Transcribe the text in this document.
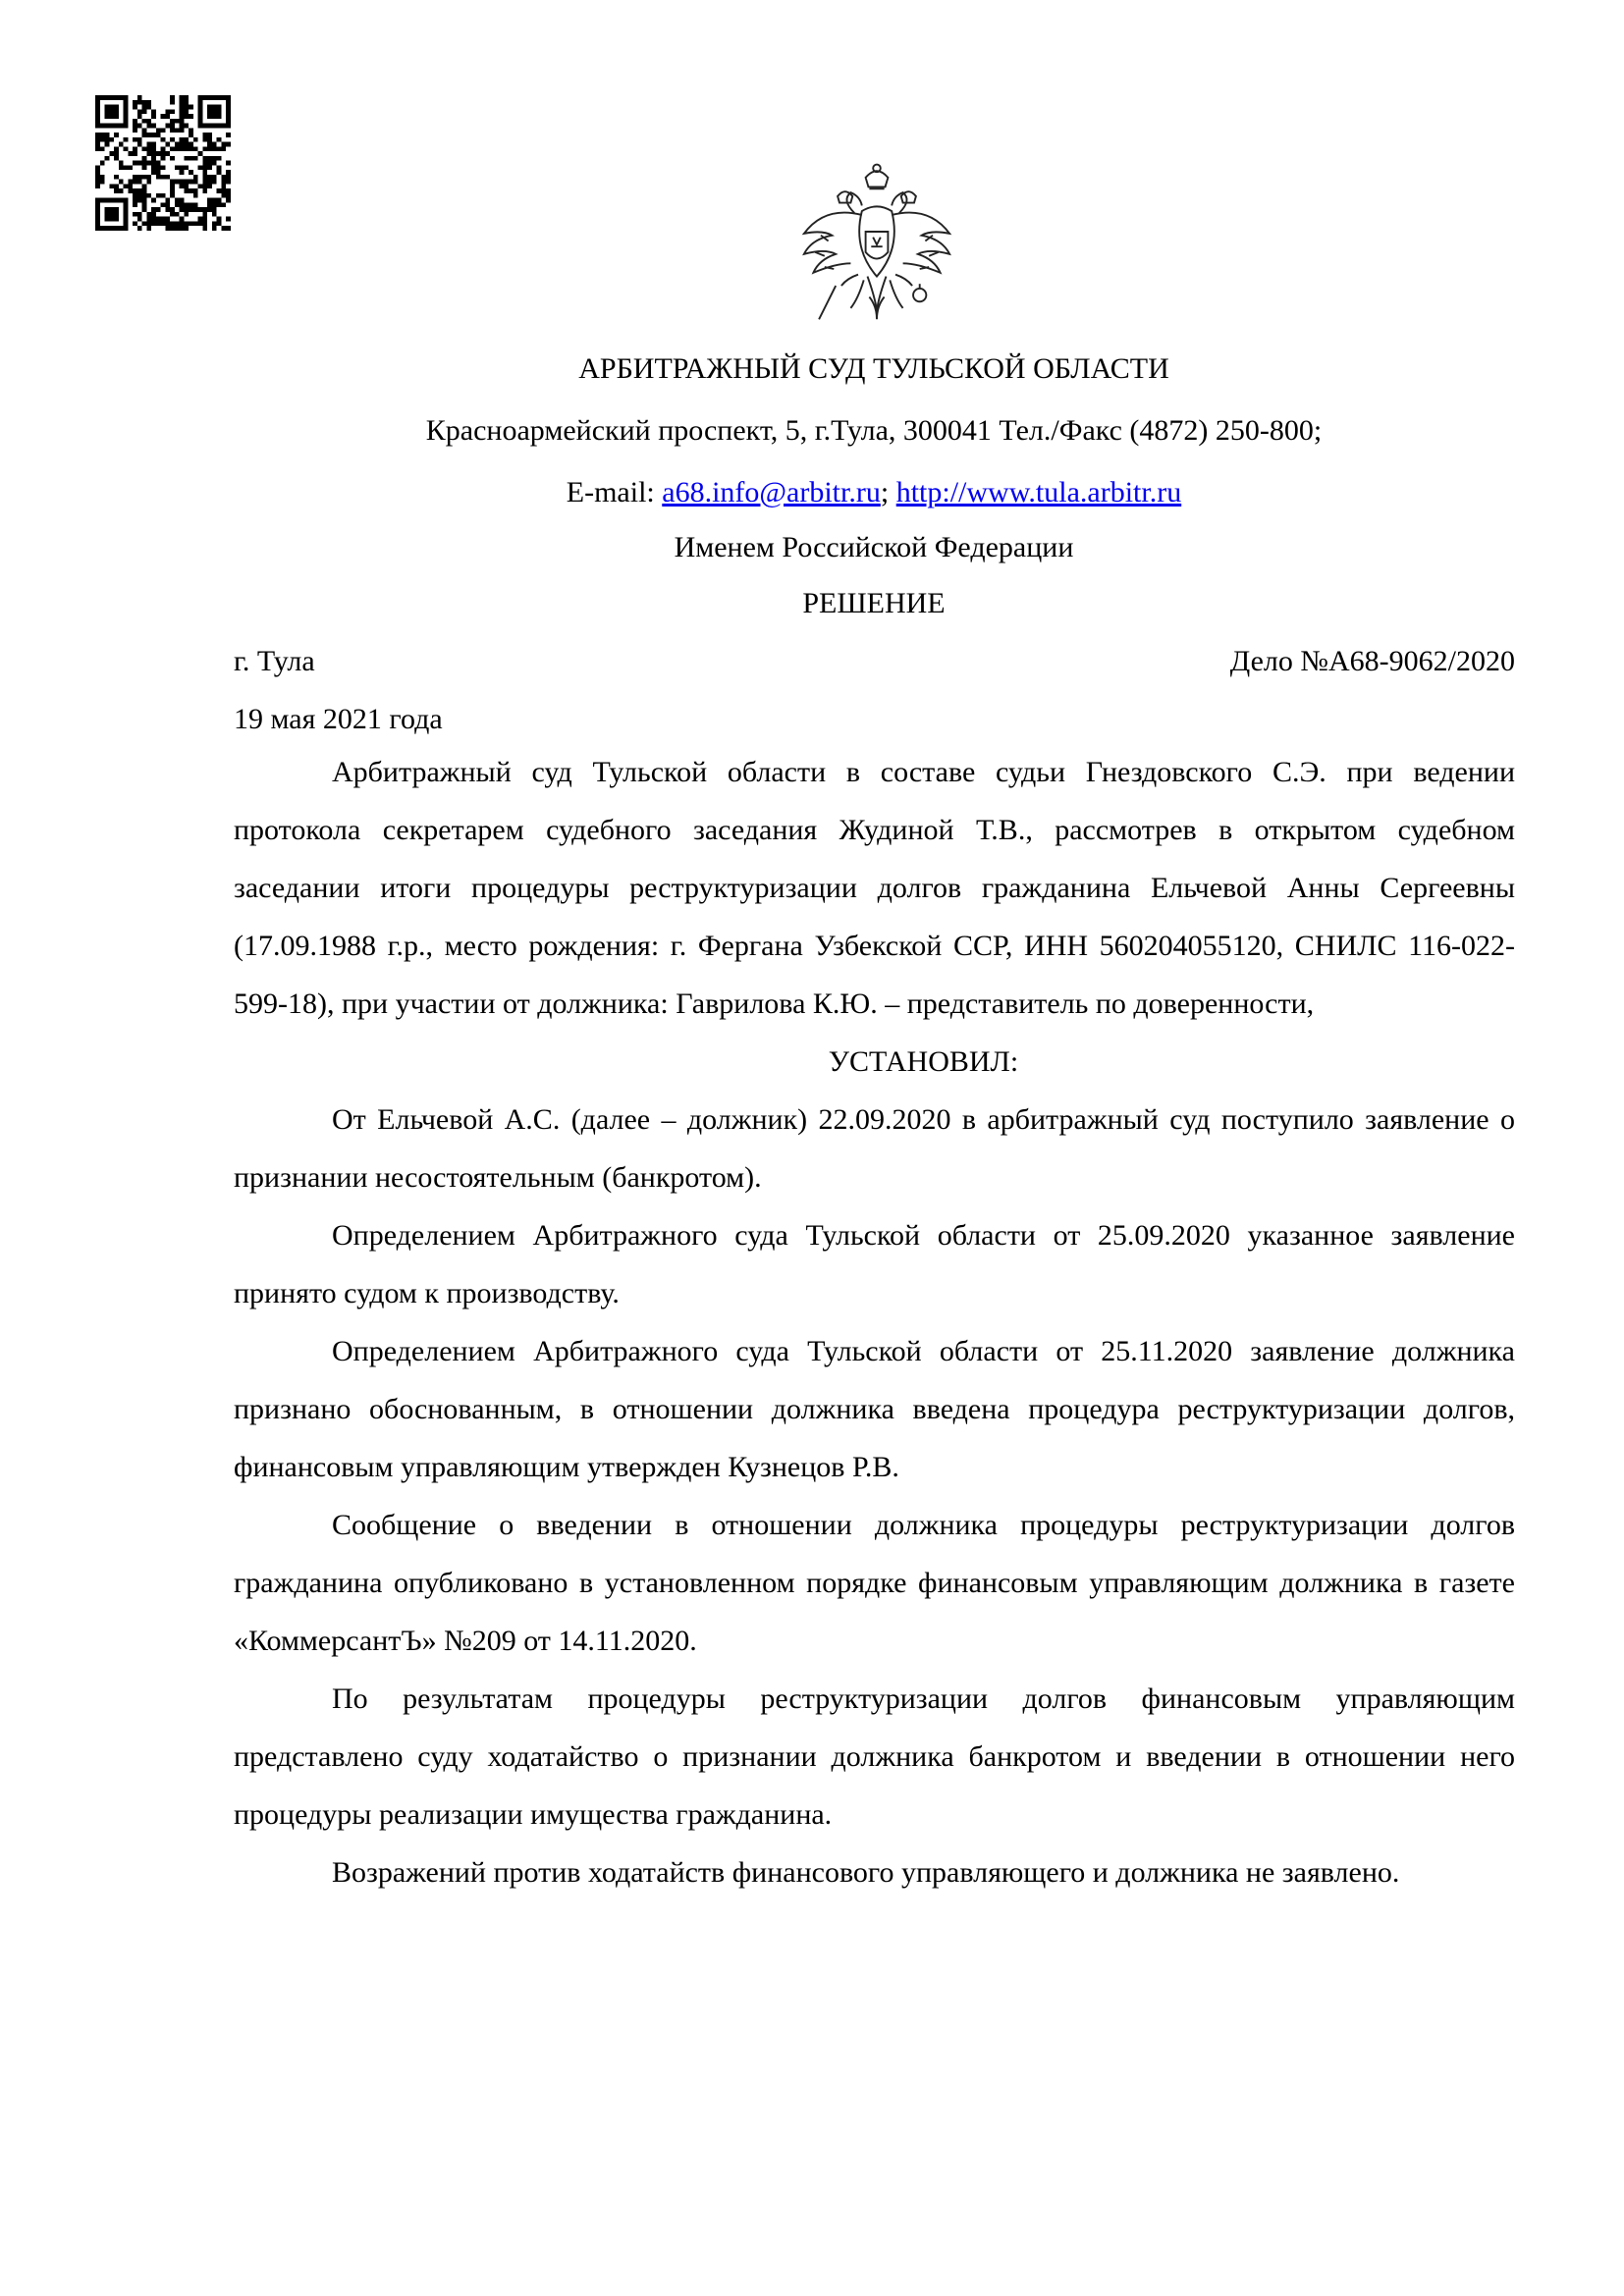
АРБИТРАЖНЫЙ СУД ТУЛЬСКОЙ ОБЛАСТИ
Красноармейский проспект, 5, г.Тула, 300041 Тел./Факс (4872) 250-800;
E-mail: a68.info@arbitr.ru; http://www.tula.arbitr.ru
Именем Российской Федерации
РЕШЕНИЕ
г. Тула	Дело №А68-9062/2020
19 мая 2021 года

Арбитражный суд Тульской области в составе судьи Гнездовского С.Э. при ведении протокола секретарем судебного заседания Жудиной Т.В., рассмотрев в открытом судебном заседании итоги процедуры реструктуризации долгов гражданина Ельчевой Анны Сергеевны (17.09.1988 г.р., место рождения: г. Фергана Узбекской ССР, ИНН 560204055120, СНИЛС 116-022-599-18), при участии от должника: Гаврилова К.Ю. – представитель по доверенности,

УСТАНОВИЛ:

От Ельчевой А.С. (далее – должник) 22.09.2020 в арбитражный суд поступило заявление о признании несостоятельным (банкротом).

Определением Арбитражного суда Тульской области от 25.09.2020 указанное заявление принято судом к производству.

Определением Арбитражного суда Тульской области от 25.11.2020 заявление должника признано обоснованным, в отношении должника введена процедура реструктуризации долгов, финансовым управляющим утвержден Кузнецов Р.В.

Сообщение о введении в отношении должника процедуры реструктуризации долгов гражданина опубликовано в установленном порядке финансовым управляющим должника в газете «КоммерсантЪ» №209 от 14.11.2020.

По результатам процедуры реструктуризации долгов финансовым управляющим представлено суду ходатайство о признании должника банкротом и введении в отношении него процедуры реализации имущества гражданина.

Возражений против ходатайств финансового управляющего и должника не заявлено.
